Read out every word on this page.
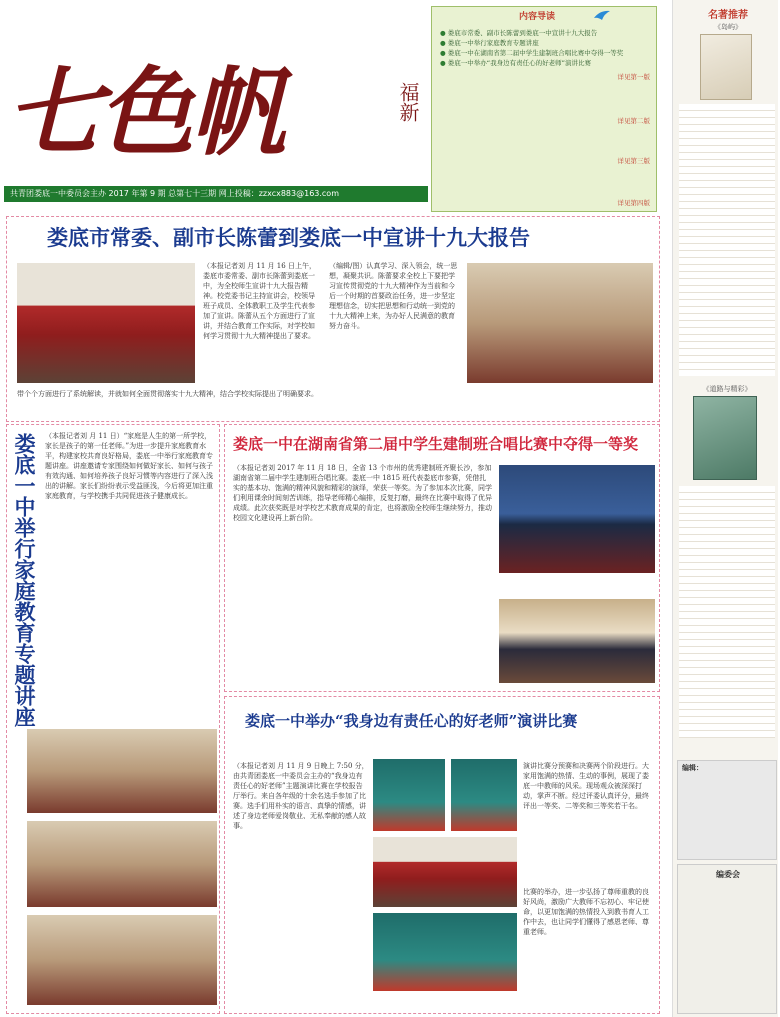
七色帆	福新
共青团娄底一中委员会主办 2017 年第 9 期 总第七十三期 网上投稿：zzxcx883@163.com
内容导读
● 娄底市常委、副市长陈蕾到娄底一中宣讲十九大报告
● 娄底一中举行家庭教育专题讲座
● 娄底一中在湖南省第二届中学生建制班合唱比赛中夺得一等奖
● 娄底一中举办“我身边有责任心的好老师”演讲比赛
详见第一版
详见第二版
详见第三版
详见第四版
名著推荐
《岛屿》
《道路与精彩》
编辑：
编委会
娄底市常委、副市长陈蕾到娄底一中宣讲十九大报告
（本报记者刘 月 11 月 16 日上午，娄底市委常委、副市长陈蕾到娄底一中，为全校师生宣讲十九大报告精神。校党委书记主持宣讲会，校领导班子成员、全体教职工及学生代表参加了宣讲。陈蕾从五个方面进行了宣讲，并结合教育工作实际，对学校如何学习贯彻十九大精神提出了要求。
（编辑/图）认真学习、深入领会，统一思想，凝聚共识。陈蕾要求全校上下要把学习宣传贯彻党的十九大精神作为当前和今后一个时期的首要政治任务，进一步坚定理想信念，切实把思想和行动统一到党的十九大精神上来，为办好人民满意的教育努力奋斗。
带个个方面进行了系统解读，并就如何全面贯彻落实十九大精神，结合学校实际提出了明确要求。
娄底一中举行家庭教育专题讲座 （本报记者刘 月 11 日）“家庭是人生的第一所学校，家长是孩子的第一任老师。”为进一步提升家庭教育水平，构建家校共育良好格局，娄底一中举行家庭教育专题讲座。讲座邀请专家围绕如何做好家长、如何与孩子有效沟通、如何培养孩子良好习惯等内容进行了深入浅出的讲解。家长们纷纷表示受益匪浅，今后将更加注重家庭教育，与学校携手共同促进孩子健康成长。
娄底一中在湖南省第二届中学生建制班合唱比赛中夺得一等奖
（本报记者刘 2017 年 11 月 18 日，全省 13 个市州的优秀建制班齐聚长沙，参加湖南省第二届中学生建制班合唱比赛。娄底一中 1815 班代表娄底市参赛，凭借扎实的基本功、饱满的精神风貌和精彩的演绎，荣获一等奖。为了参加本次比赛，同学们利用课余时间刻苦训练，指导老师精心编排，反复打磨，最终在比赛中取得了优异成绩。此次获奖既是对学校艺术教育成果的肯定，也将激励全校师生继续努力，推动校园文化建设再上新台阶。
娄底一中举办“我身边有责任心的好老师”演讲比赛
（本报记者刘 月 11 月 9 日晚上 7:50 分，由共青团娄底一中委员会主办的“我身边有责任心的好老师”主题演讲比赛在学校报告厅举行。来自各年级的十余名选手参加了比赛。选手们用朴实的语言、真挚的情感，讲述了身边老师爱岗敬业、无私奉献的感人故事。
演讲比赛分预赛和决赛两个阶段进行。大家用饱满的热情、生动的事例，展现了娄底一中教师的风采。现场观众被深深打动，掌声不断。经过评委认真评分，最终评出一等奖、二等奖和三等奖若干名。
比赛的举办，进一步弘扬了尊师重教的良好风尚，激励广大教师不忘初心、牢记使命，以更加饱满的热情投入到教书育人工作中去，也让同学们懂得了感恩老师、尊重老师。
